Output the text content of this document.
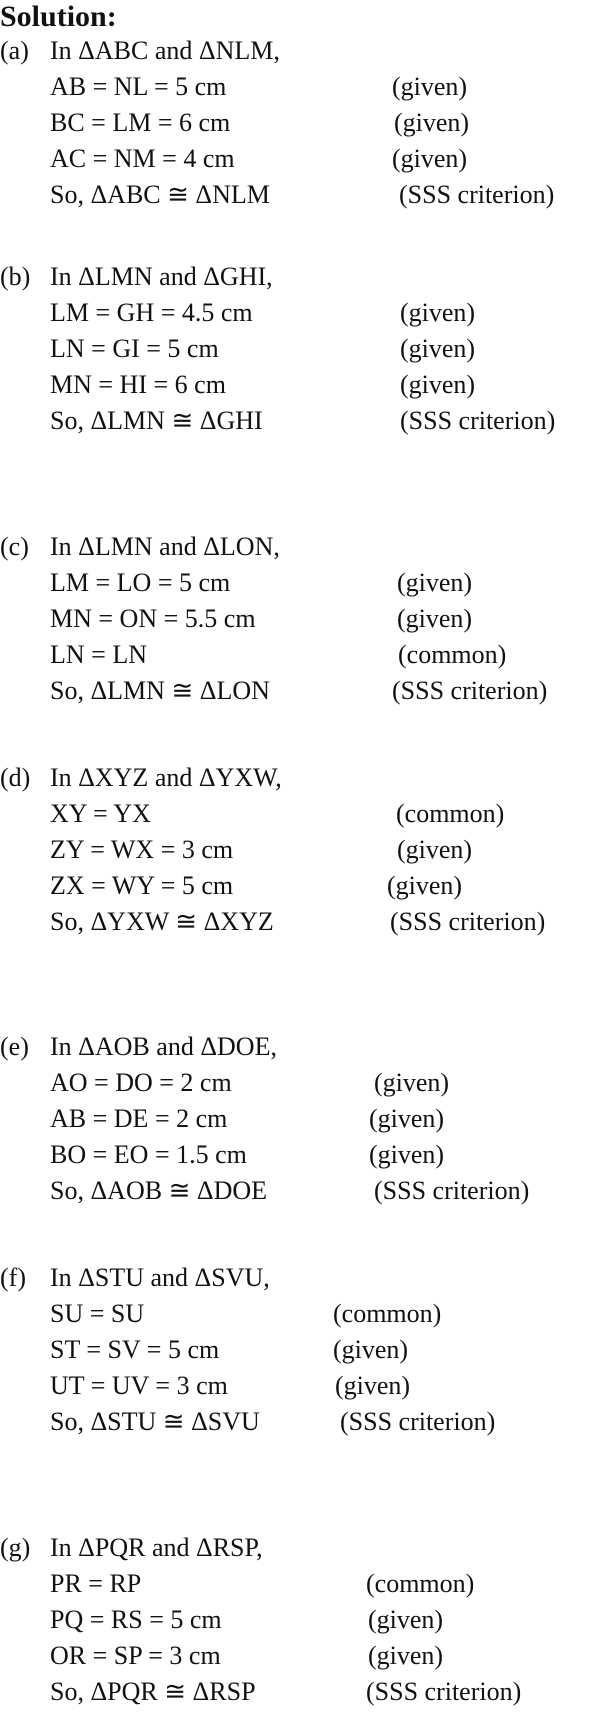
Solution:
(a) In ΔABC and ΔNLM,
AB = NL = 5 cm	(given)
BC = LM = 6 cm	(given)
AC = NM = 4 cm	(given)
So, ΔABC ≅ ΔNLM	(SSS criterion)
(b) In ΔLMN and ΔGHI,
LM = GH = 4.5 cm	(given)
LN = GI = 5 cm	(given)
MN = HI = 6 cm	(given)
So, ΔLMN ≅ ΔGHI	(SSS criterion)
(c) In ΔLMN and ΔLON,
LM = LO = 5 cm	(given)
MN = ON = 5.5 cm	(given)
LN = LN	(common)
So, ΔLMN ≅ ΔLON	(SSS criterion)
(d) In ΔXYZ and ΔYXW,
XY = YX	(common)
ZY = WX = 3 cm	(given)
ZX = WY = 5 cm	(given)
So, ΔYXW ≅ ΔXYZ	(SSS criterion)
(e) In ΔAOB and ΔDOE,
AO = DO = 2 cm	(given)
AB = DE = 2 cm	(given)
BO = EO = 1.5 cm	(given)
So, ΔAOB ≅ ΔDOE	(SSS criterion)
(f) In ΔSTU and ΔSVU,
SU = SU	(common)
ST = SV = 5 cm	(given)
UT = UV = 3 cm	(given)
So, ΔSTU ≅ ΔSVU	(SSS criterion)
(g) In ΔPQR and ΔRSP,
PR = RP	(common)
PQ = RS = 5 cm	(given)
OR = SP = 3 cm	(given)
So, ΔPQR ≅ ΔRSP	(SSS criterion)
